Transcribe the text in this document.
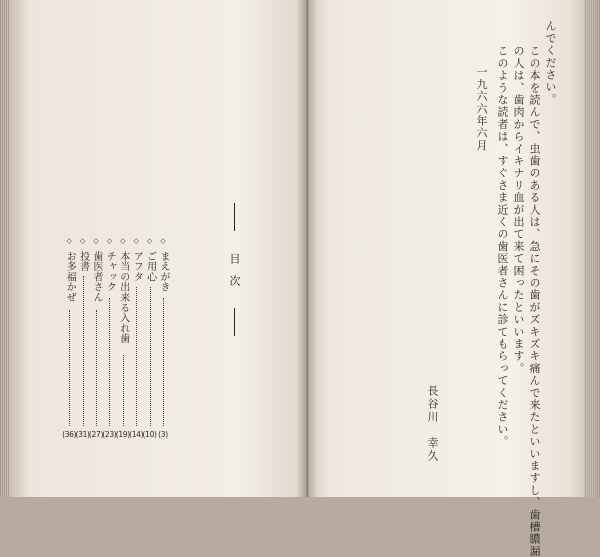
んでください。
この本を読んで、虫歯のある人は、急にその歯がズキズキ痛んで来たといいますし、歯槽膿漏
の人は、歯肉からイキナリ血が出て来て困ったといいます。
このような読者は、すぐさま近くの歯医者さんに診てもらってください。
一九六六年六月
長谷川　幸久
目　次
◇
まえがき
(3)
◇
ご用心
(10)
◇
アフタ
(14)
◇
本当の出来る入れ歯
(19)
◇
チャック
(23)
◇
歯医者さん
(27)
◇
投書
(31)
◇
お多福かぜ
(36)
